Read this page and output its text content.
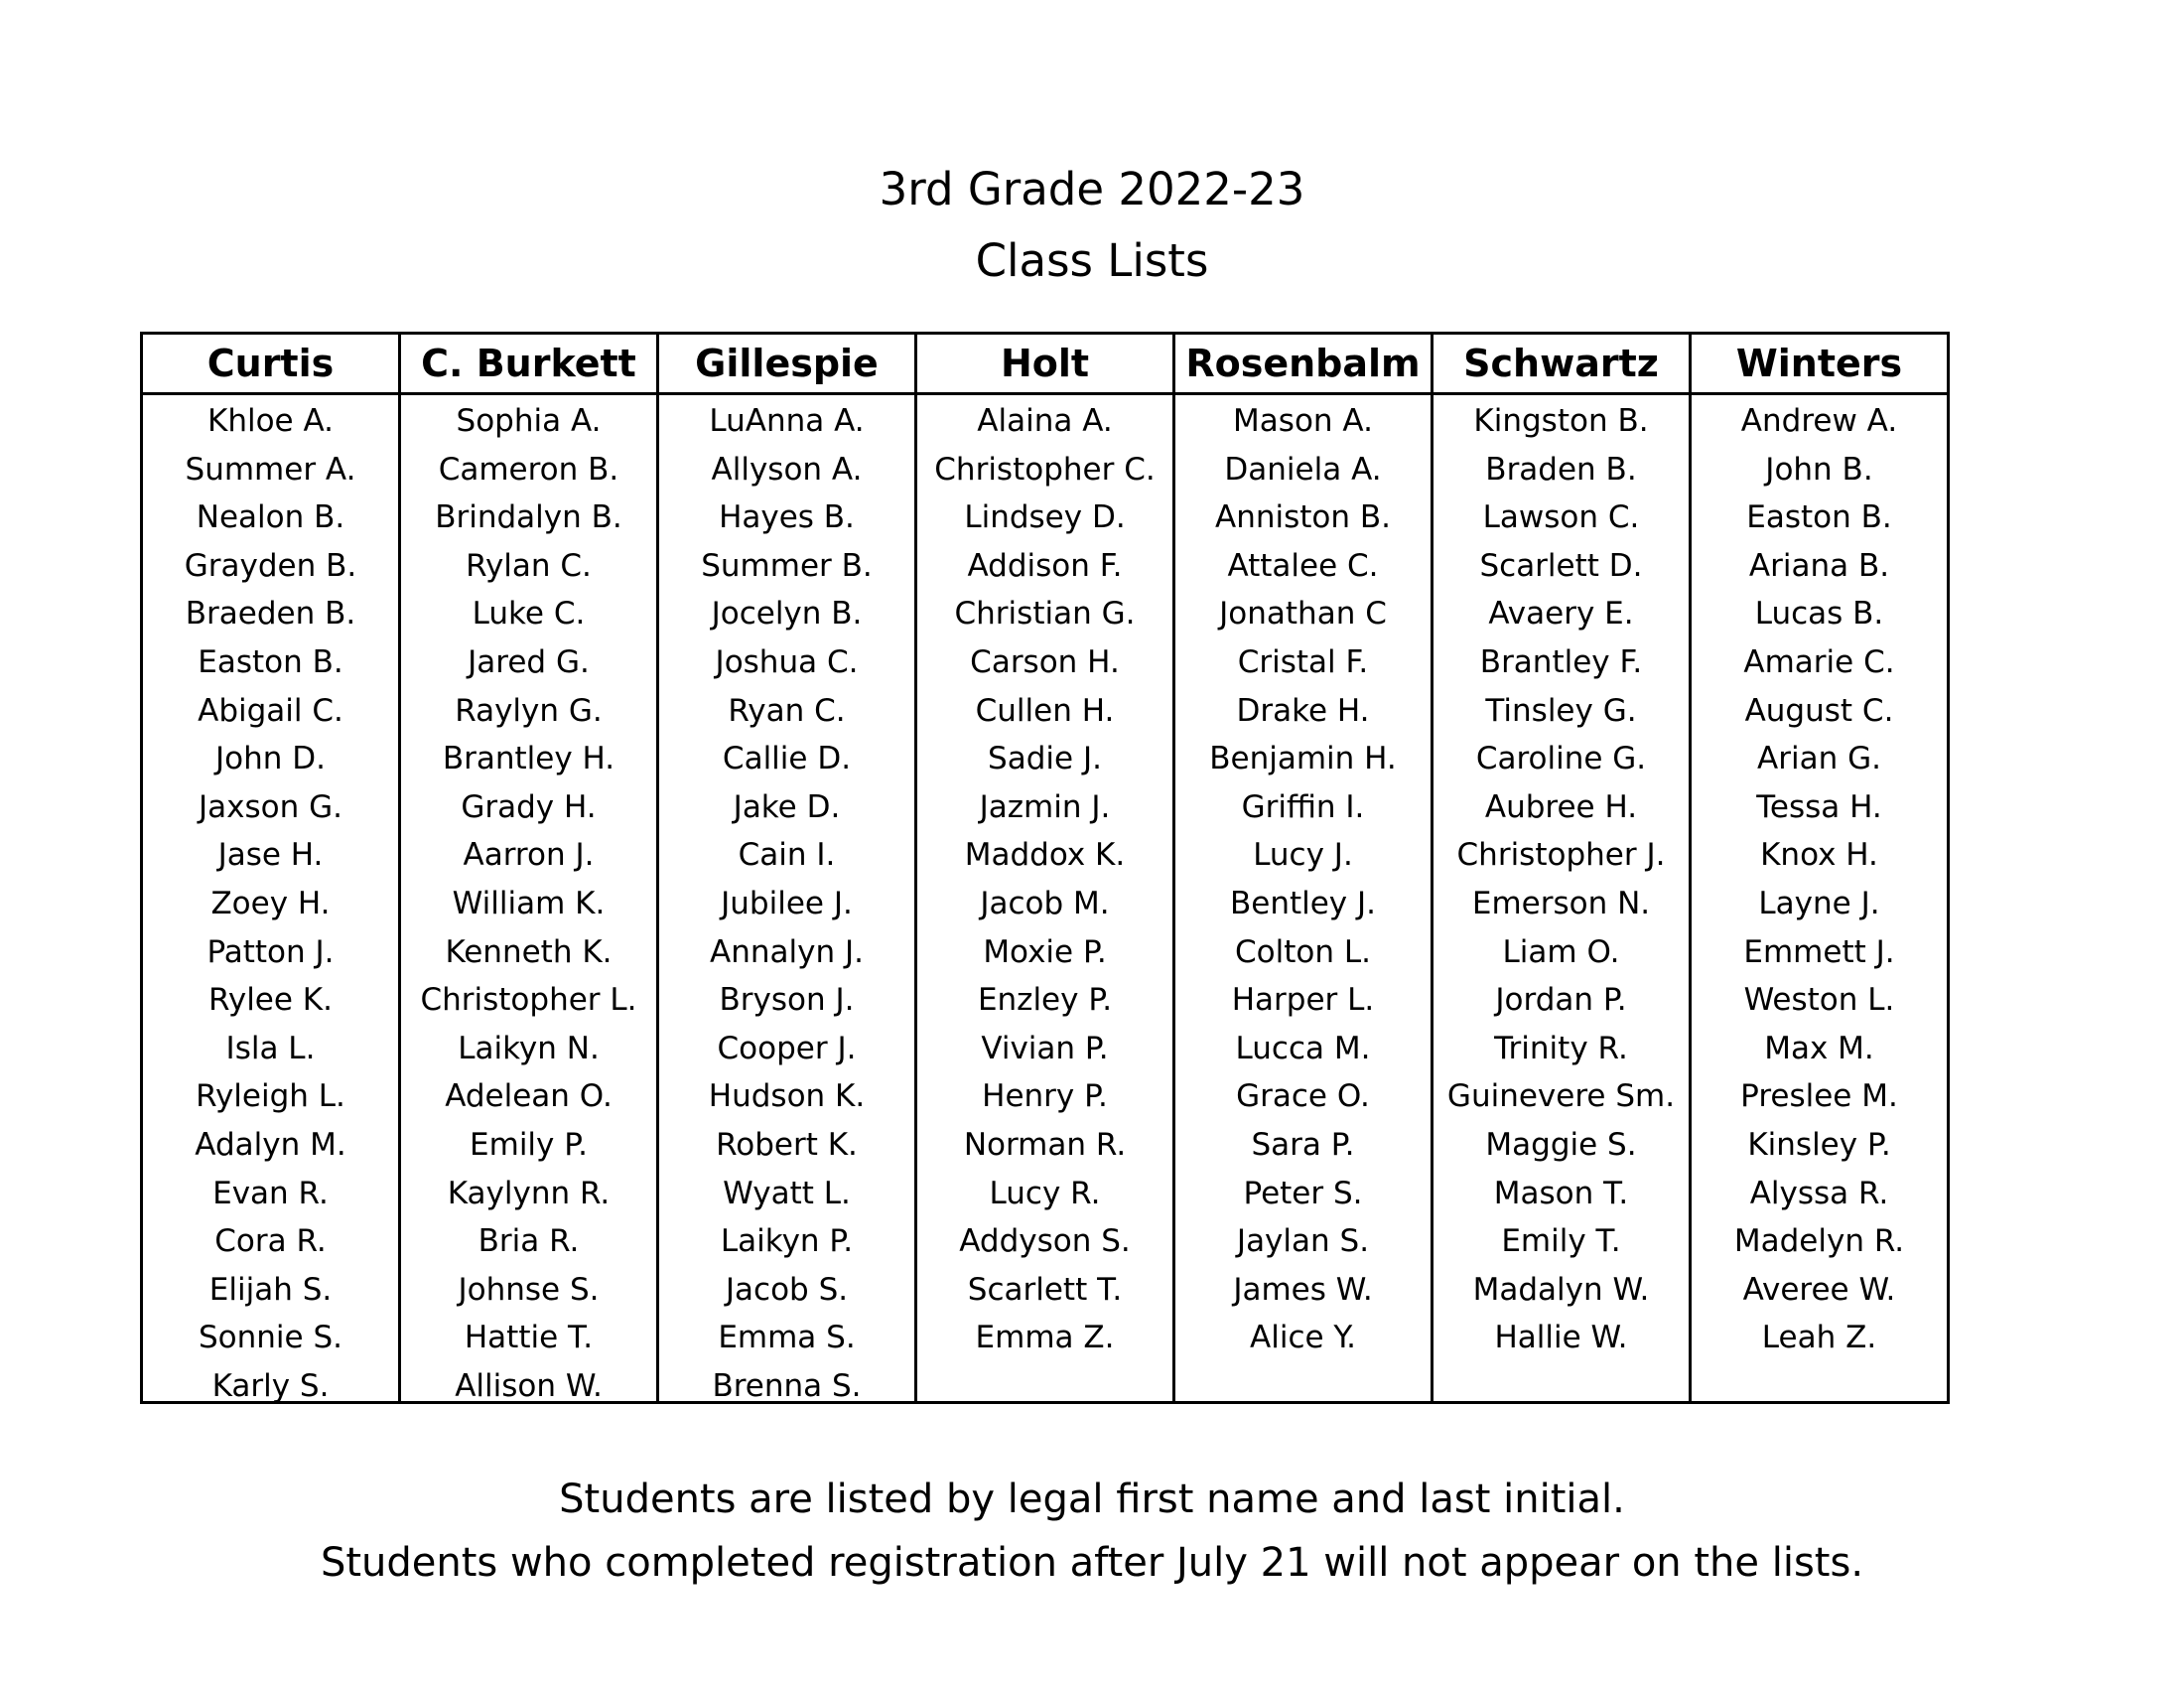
3rd Grade 2022-23
Class Lists
Curtis
Khloe A.
Summer A.
Nealon B.
Grayden B.
Braeden B.
Easton B.
Abigail C.
John D.
Jaxson G.
Jase H.
Zoey H.
Patton J.
Rylee K.
Isla L.
Ryleigh L.
Adalyn M.
Evan R.
Cora R.
Elijah S.
Sonnie S.
Karly S.
C. Burkett
Sophia A.
Cameron B.
Brindalyn B.
Rylan C.
Luke C.
Jared G.
Raylyn G.
Brantley H.
Grady H.
Aarron J.
William K.
Kenneth K.
Christopher L.
Laikyn N.
Adelean O.
Emily P.
Kaylynn R.
Bria R.
Johnse S.
Hattie T.
Allison W.
Gillespie
LuAnna A.
Allyson A.
Hayes B.
Summer B.
Jocelyn B.
Joshua C.
Ryan C.
Callie D.
Jake D.
Cain I.
Jubilee J.
Annalyn J.
Bryson J.
Cooper J.
Hudson K.
Robert K.
Wyatt L.
Laikyn P.
Jacob S.
Emma S.
Brenna S.
Holt
Alaina A.
Christopher C.
Lindsey D.
Addison F.
Christian G.
Carson H.
Cullen H.
Sadie J.
Jazmin J.
Maddox K.
Jacob M.
Moxie P.
Enzley P.
Vivian P.
Henry P.
Norman R.
Lucy R.
Addyson S.
Scarlett T.
Emma Z.
Rosenbalm
Mason A.
Daniela A.
Anniston B.
Attalee C.
Jonathan C
Cristal F.
Drake H.
Benjamin H.
Griffin I.
Lucy J.
Bentley J.
Colton L.
Harper L.
Lucca M.
Grace O.
Sara P.
Peter S.
Jaylan S.
James W.
Alice Y.
Schwartz
Kingston B.
Braden B.
Lawson C.
Scarlett D.
Avaery E.
Brantley F.
Tinsley G.
Caroline G.
Aubree H.
Christopher J.
Emerson N.
Liam O.
Jordan P.
Trinity R.
Guinevere Sm.
Maggie S.
Mason T.
Emily T.
Madalyn W.
Hallie W.
Winters
Andrew A.
John B.
Easton B.
Ariana B.
Lucas B.
Amarie C.
August C.
Arian G.
Tessa H.
Knox H.
Layne J.
Emmett J.
Weston L.
Max M.
Preslee M.
Kinsley P.
Alyssa R.
Madelyn R.
Averee W.
Leah Z.

Students are listed by legal first name and last initial.

Students who completed registration after July 21 will not appear on the lists.
